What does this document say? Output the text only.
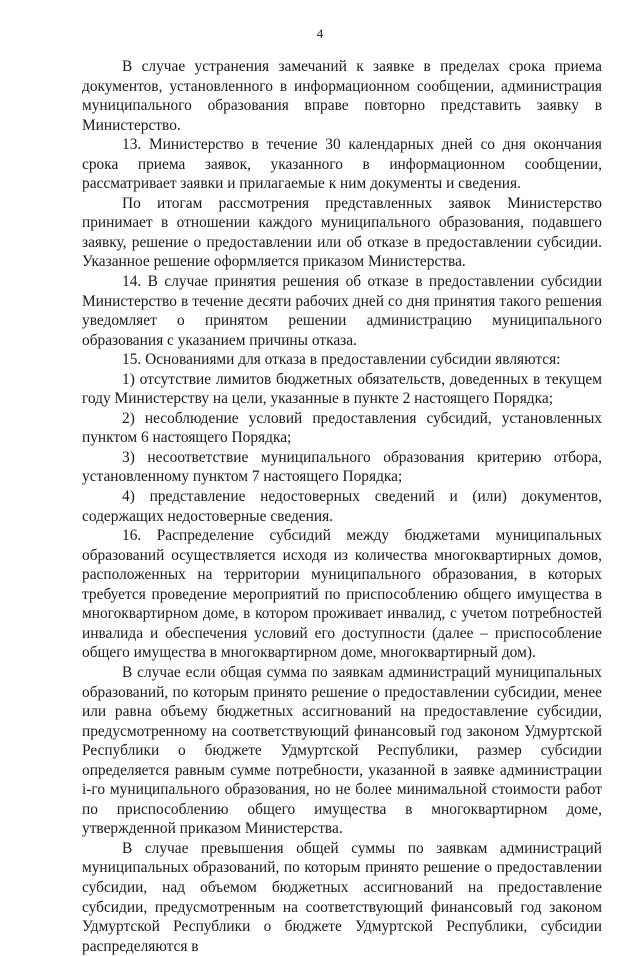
4

В случае устранения замечаний к заявке в пределах срока приема документов, установленного в информационном сообщении, администрация муниципального образования вправе повторно представить заявку в Министерство.

13. Министерство в течение 30 календарных дней со дня окончания срока приема заявок, указанного в информационном сообщении, рассматривает заявки и прилагаемые к ним документы и сведения.

По итогам рассмотрения представленных заявок Министерство принимает в отношении каждого муниципального образования, подавшего заявку, решение о предоставлении или об отказе в предоставлении субсидии. Указанное решение оформляется приказом Министерства.

14. В случае принятия решения об отказе в предоставлении субсидии Министерство в течение десяти рабочих дней со дня принятия такого решения уведомляет о принятом решении администрацию муниципального образования с указанием причины отказа.

15. Основаниями для отказа в предоставлении субсидии являются:

1) отсутствие лимитов бюджетных обязательств, доведенных в текущем году Министерству на цели, указанные в пункте 2 настоящего Порядка;

2) несоблюдение условий предоставления субсидий, установленных пунктом 6 настоящего Порядка;

3) несоответствие муниципального образования критерию отбора, установленному пунктом 7 настоящего Порядка;

4) представление недостоверных сведений и (или) документов, содержащих недостоверные сведения.

16. Распределение субсидий между бюджетами муниципальных образований осуществляется исходя из количества многоквартирных домов, расположенных на территории муниципального образования, в которых требуется проведение мероприятий по приспособлению общего имущества в многоквартирном доме, в котором проживает инвалид, с учетом потребностей инвалида и обеспечения условий его доступности (далее – приспособление общего имущества в многоквартирном доме, многоквартирный дом).

В случае если общая сумма по заявкам администраций муниципальных образований, по которым принято решение о предоставлении субсидии, менее или равна объему бюджетных ассигнований на предоставление субсидии, предусмотренному на соответствующий финансовый год законом Удмуртской Республики о бюджете Удмуртской Республики, размер субсидии определяется равным сумме потребности, указанной в заявке администрации i-го муниципального образования, но не более минимальной стоимости работ по приспособлению общего имущества в многоквартирном доме, утвержденной приказом Министерства.

В случае превышения общей суммы по заявкам администраций муниципальных образований, по которым принято решение о предоставлении субсидии, над объемом бюджетных ассигнований на предоставление субсидии, предусмотренным на соответствующий финансовый год законом Удмуртской Республики о бюджете Удмуртской Республики, субсидии распределяются в
